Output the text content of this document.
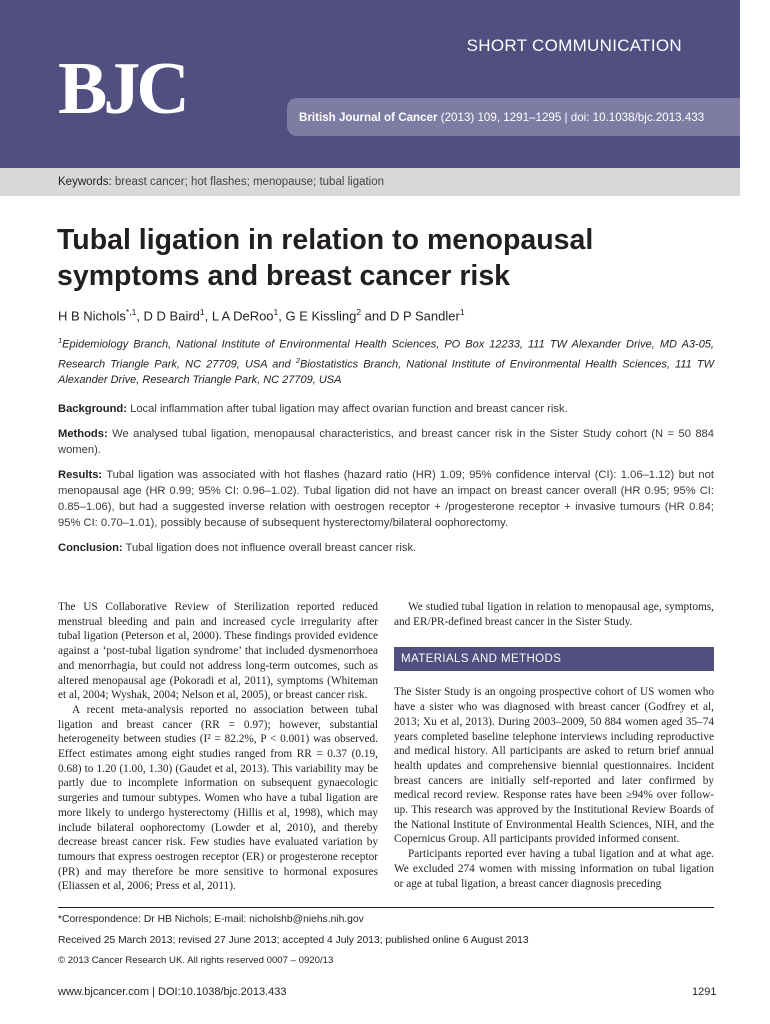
SHORT COMMUNICATION
BJC	British Journal of Cancer
(2013) 109, 1291–1295 | doi: 10.1038/bjc.2013.433
Keywords:
breast cancer; hot flashes; menopause; tubal ligation
Tubal ligation in relation to menopausal symptoms and breast cancer risk
H B Nichols$^{*,1}$, D D Baird$^1$, L A DeRoo$^1$, G E Kissling$^2$ and D P Sandler$^1$
$^1$Epidemiology Branch, National Institute of Environmental Health Sciences, PO Box 12233, 111 TW Alexander Drive, MD A3-05, Research Triangle Park, NC 27709, USA and $^2$Biostatistics Branch, National Institute of Environmental Health Sciences, 111 TW Alexander Drive, Research Triangle Park, NC 27709, USA

Background: Local inflammation after tubal ligation may affect ovarian function and breast cancer risk.

Methods: We analysed tubal ligation, menopausal characteristics, and breast cancer risk in the Sister Study cohort (N = 50 884 women).

Results: Tubal ligation was associated with hot flashes (hazard ratio (HR) 1.09; 95% confidence interval (CI): 1.06–1.12) but not menopausal age (HR 0.99; 95% CI: 0.96–1.02). Tubal ligation did not have an impact on breast cancer overall (HR 0.95; 95% CI: 0.85–1.06), but had a suggested inverse relation with oestrogen receptor + /progesterone receptor + invasive tumours (HR 0.84; 95% CI: 0.70–1.01), possibly because of subsequent hysterectomy/bilateral oophorectomy.

Conclusion: Tubal ligation does not influence overall breast cancer risk.

The US Collaborative Review of Sterilization reported reduced menstrual bleeding and pain and increased cycle irregularity after tubal ligation (Peterson et al, 2000). These findings provided evidence against a ‘post-tubal ligation syndrome’ that included dysmenorrhoea and menorrhagia, but could not address long-term outcomes, such as altered menopausal age (Pokoradi et al, 2011), symptoms (Whiteman et al, 2004; Wyshak, 2004; Nelson et al, 2005), or breast cancer risk.

A recent meta-analysis reported no association between tubal ligation and breast cancer (RR = 0.97); however, substantial heterogeneity between studies (I² = 82.2%, P < 0.001) was observed. Effect estimates among eight studies ranged from RR = 0.37 (0.19, 0.68) to 1.20 (1.00, 1.30) (Gaudet et al, 2013). This variability may be partly due to incomplete information on subsequent gynaecologic surgeries and tumour subtypes. Women who have a tubal ligation are more likely to undergo hysterectomy (Hillis et al, 1998), which may include bilateral oophorectomy (Lowder et al, 2010), and thereby decrease breast cancer risk. Few studies have evaluated variation by tumours that express oestrogen receptor (ER) or progesterone receptor (PR) and may therefore be more sensitive to hormonal exposures (Eliassen et al, 2006; Press et al, 2011).

We studied tubal ligation in relation to menopausal age, symptoms, and ER/PR-defined breast cancer in the Sister Study.

MATERIALS AND METHODS

The Sister Study is an ongoing prospective cohort of US women who have a sister who was diagnosed with breast cancer (Godfrey et al, 2013; Xu et al, 2013). During 2003–2009, 50 884 women aged 35–74 years completed baseline telephone interviews including reproductive and medical history. All participants are asked to return brief annual health updates and comprehensive biennial questionnaires. Incident breast cancers are initially self-reported and later confirmed by medical record review. Response rates have been ≥94% over follow-up. This research was approved by the Institutional Review Boards of the National Institute of Environmental Health Sciences, NIH, and the Copernicus Group. All participants provided informed consent.

Participants reported ever having a tubal ligation and at what age. We excluded 274 women with missing information on tubal ligation or age at tubal ligation, a breast cancer diagnosis preceding

*Correspondence: Dr HB Nichols; E-mail: nicholshb@niehs.nih.gov
Received 25 March 2013; revised 27 June 2013; accepted 4 July 2013; published online 6 August 2013
© 2013 Cancer Research UK. All rights reserved 0007 – 0920/13
www.bjcancer.com | DOI:10.1038/bjc.2013.433	1291
